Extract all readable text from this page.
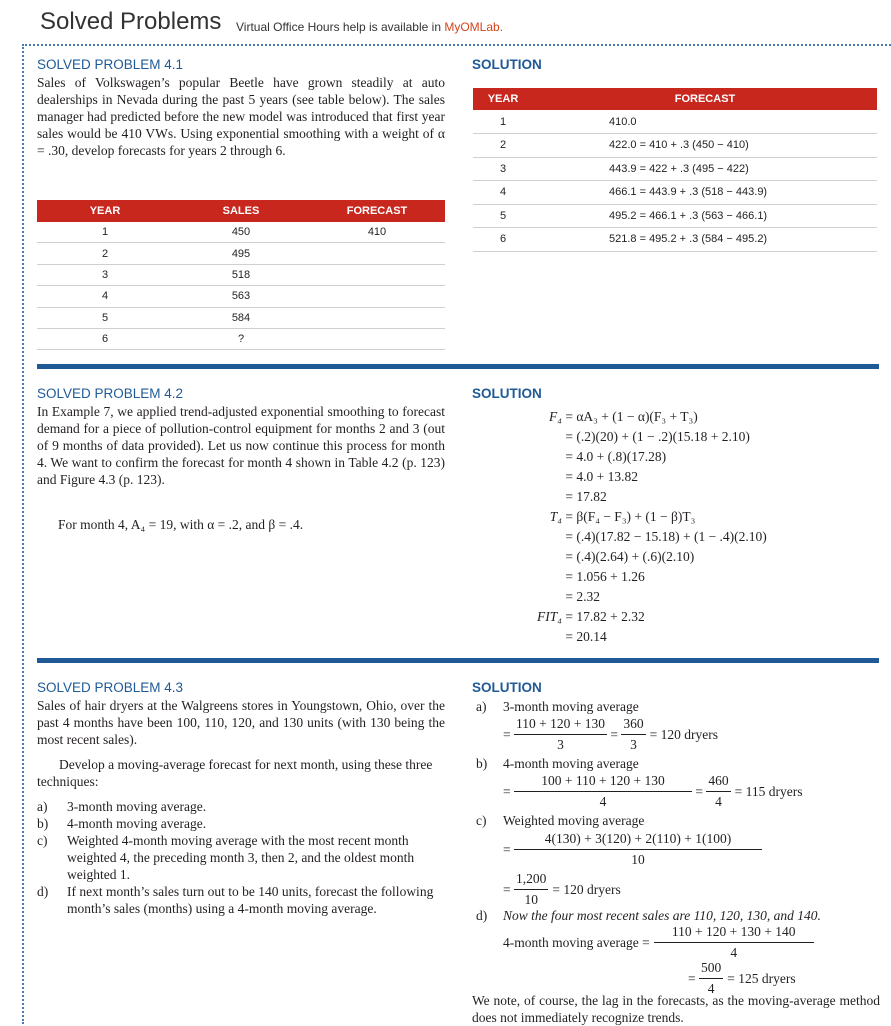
Solved Problems Virtual Office Hours help is available in MyOMLab.
SOLVED PROBLEM 4.1
Sales of Volkswagen’s popular Beetle have grown steadily at auto dealerships in Nevada during the past 5 years (see table below). The sales manager had predicted before the new model was introduced that first year sales would be 410 VWs. Using exponential smoothing with a weight of α = .30, develop forecasts for years 2 through 6.
YEAR	SALES	FORECAST
1	450	410
2	495	
3	518	
4	563	
5	584	
6	?	
SOLUTION
YEAR	FORECAST
1	410.0
2	422.0 = 410 + .3 (450 − 410)
3	443.9 = 422 + .3 (495 − 422)
4	466.1 = 443.9 + .3 (518 − 443.9)
5	495.2 = 466.1 + .3 (563 − 466.1)
6	521.8 = 495.2 + .3 (584 − 495.2)
SOLVED PROBLEM 4.2
In Example 7, we applied trend-adjusted exponential smoothing to forecast demand for a piece of pollution-control equipment for months 2 and 3 (out of 9 months of data provided). Let us now continue this process for month 4. We want to confirm the forecast for month 4 shown in Table 4.2 (p. 123) and Figure 4.3 (p. 123).
For month 4, A₄ = 19, with α = .2, and β = .4.
SOLUTION
F₄ = αA₃ + (1 − α)(F₃ + T₃)
= (.2)(20) + (1 − .2)(15.18 + 2.10)
= 4.0 + (.8)(17.28)
= 4.0 + 13.82
= 17.82
T₄ = β(F₄ − F₃) + (1 − β)T₃
= (.4)(17.82 − 15.18) + (1 − .4)(2.10)
= (.4)(2.64) + (.6)(2.10)
= 1.056 + 1.26
= 2.32
FIT₄ = 17.82 + 2.32
= 20.14
SOLVED PROBLEM 4.3
Sales of hair dryers at the Walgreens stores in Youngstown, Ohio, over the past 4 months have been 100, 110, 120, and 130 units (with 130 being the most recent sales).
Develop a moving-average forecast for next month, using these three techniques:
a)	3-month moving average.
b)	4-month moving average.
c)	Weighted 4-month moving average with the most recent month weighted 4, the preceding month 3, then 2, and the oldest month weighted 1.
d)	If next month’s sales turn out to be 140 units, forecast the following month’s sales (months) using a 4-month moving average.
SOLUTION
a) 3-month moving average
= $\frac{110 + 120 + 130}{3} = \frac{360}{3} = 120$ dryers
b) 4-month moving average
= $\frac{100 + 110 + 120 + 130}{4} = \frac{460}{4} = 115$ dryers
c) Weighted moving average
= $\frac{4(130) + 3(120) + 2(110) + 1(100)}{10}$
= $\frac{1,200}{10} = 120$ dryers
d) Now the four most recent sales are 110, 120, 130, and 140.
4-month moving average = $\frac{110 + 120 + 130 + 140}{4}$
= $\frac{500}{4} = 125$ dryers
We note, of course, the lag in the forecasts, as the moving-average method does not immediately recognize trends.
